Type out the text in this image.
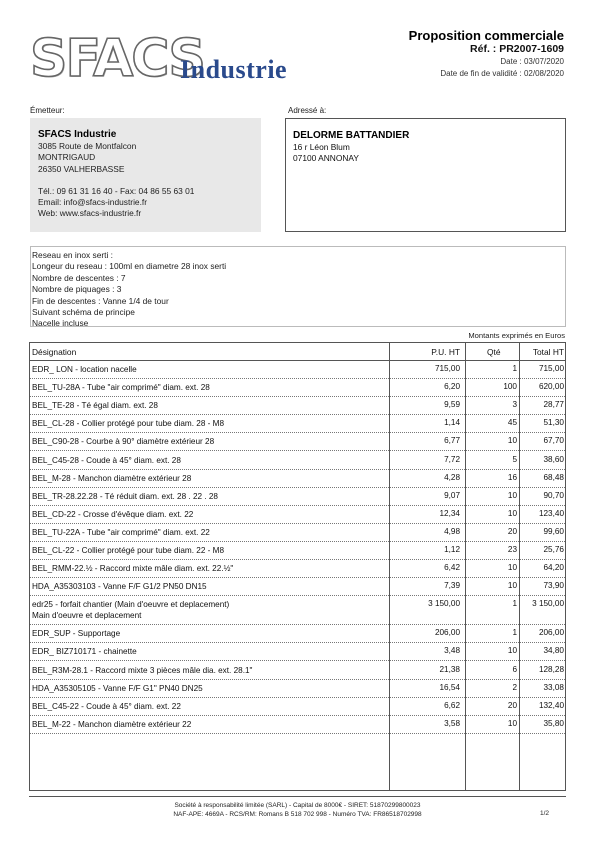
SFACS
Industrie
Proposition commerciale
Réf. : PR2007-1609
Date : 03/07/2020
Date de fin de validité : 02/08/2020
Émetteur:
SFACS Industrie
3085 Route de Montfalcon
MONTRIGAUD
26350 VALHERBASSE
Tél.: 09 61 31 16 40 - Fax: 04 86 55 63 01
Email: info@sfacs-industrie.fr
Web: www.sfacs-industrie.fr
Adressé à:
DELORME BATTANDIER
16 r Léon Blum
07100 ANNONAY
Reseau en inox serti :
Longeur du reseau : 100ml en diametre 28 inox serti
Nombre de descentes : 7
Nombre de piquages : 3
Fin de descentes : Vanne 1/4 de tour
Suivant schéma de principe
Nacelle incluse
Montants exprimés en Euros
Désignation	P.U. HT	Qté	Total HT
EDR_ LON - location nacelle	715,00	1	715,00
BEL_TU-28A - Tube "air comprimé" diam. ext. 28	6,20	100	620,00
BEL_TE-28 - Té égal diam. ext. 28	9,59	3	28,77
BEL_CL-28 - Collier protégé pour tube diam. 28 - M8	1,14	45	51,30
BEL_C90-28 - Courbe à 90° diamètre extérieur 28	6,77	10	67,70
BEL_C45-28 - Coude à 45° diam. ext. 28	7,72	5	38,60
BEL_M-28 - Manchon diamètre extérieur 28	4,28	16	68,48
BEL_TR-28.22.28 - Té réduit diam. ext. 28 . 22 . 28	9,07	10	90,70
BEL_CD-22 - Crosse d'évêque diam. ext. 22	12,34	10	123,40
BEL_TU-22A - Tube "air comprimé" diam. ext. 22	4,98	20	99,60
BEL_CL-22 - Collier protégé pour tube diam. 22 - M8	1,12	23	25,76
BEL_RMM-22.½ - Raccord mixte mâle diam. ext. 22.½"	6,42	10	64,20
HDA_A35303103 - Vanne F/F G1/2 PN50 DN15	7,39	10	73,90
edr25 - forfait chantier (Main d'oeuvre et deplacement)
Main d'oeuvre et deplacement
3 150,00	1	3 150,00
EDR_SUP - Supportage	206,00	1	206,00
EDR_ BIZ710171 - chainette	3,48	10	34,80
BEL_R3M-28.1 - Raccord mixte 3 pièces mâle dia. ext. 28.1"	21,38	6	128,28
HDA_A35305105 - Vanne F/F G1" PN40 DN25	16,54	2	33,08
BEL_C45-22 - Coude à 45° diam. ext. 22	6,62	20	132,40
BEL_M-22 - Manchon diamètre extérieur 22	3,58	10	35,80
Société à responsabilité limitée (SARL) - Capital de 8000€ - SIRET: 51870299800023
NAF-APE: 4669A - RCS/RM: Romans B 518 702 998 - Numéro TVA: FR86518702998	1/2
